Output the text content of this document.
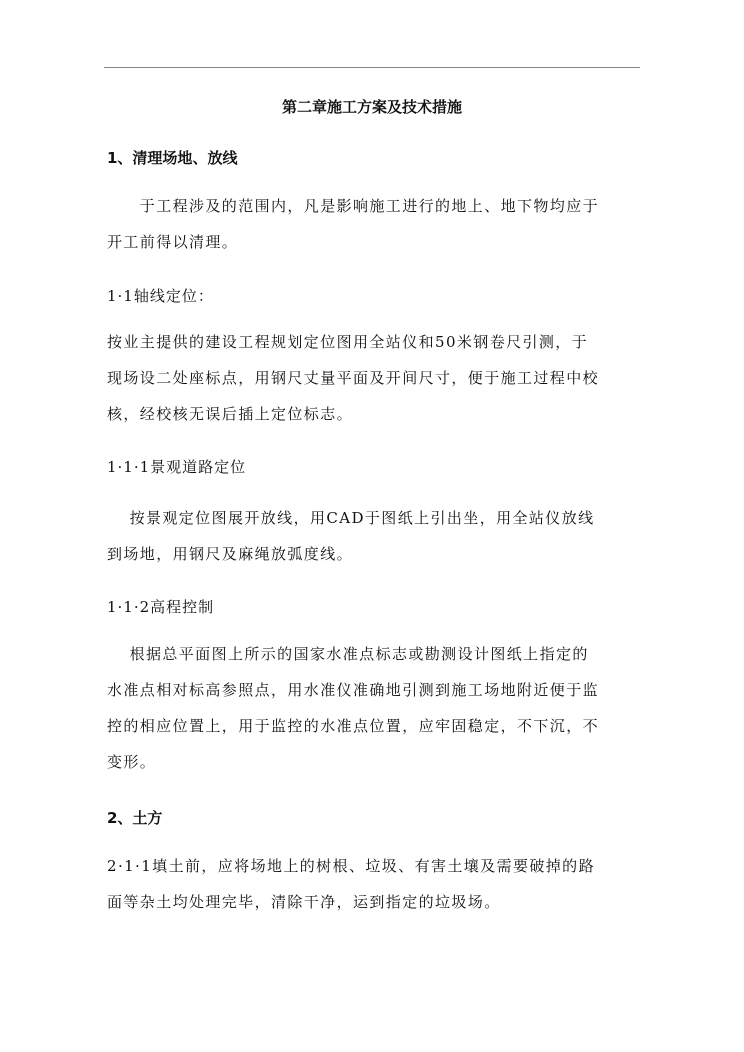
第二章施工方案及技术措施
1、清理场地、放线
　　于工程涉及的范围内，凡是影响施工进行的地上、地下物均应于
开工前得以清理。
1·1轴线定位：
按业主提供的建设工程规划定位图用全站仪和50米钢卷尺引测，于
现场设二处座标点，用钢尺丈量平面及开间尺寸，便于施工过程中校
核，经校核无误后插上定位标志。
1·1·1景观道路定位
　 按景观定位图展开放线，用CAD于图纸上引出坐，用全站仪放线
到场地，用钢尺及麻绳放弧度线。
1·1·2高程控制
　 根据总平面图上所示的国家水准点标志或勘测设计图纸上指定的
水准点相对标高参照点，用水准仪准确地引测到施工场地附近便于监
控的相应位置上，用于监控的水准点位置，应牢固稳定，不下沉，不
变形。
2、土方
2·1·1填土前，应将场地上的树根、垃圾、有害土壤及需要破掉的路
面等杂土均处理完毕，清除干净，运到指定的垃圾场。
